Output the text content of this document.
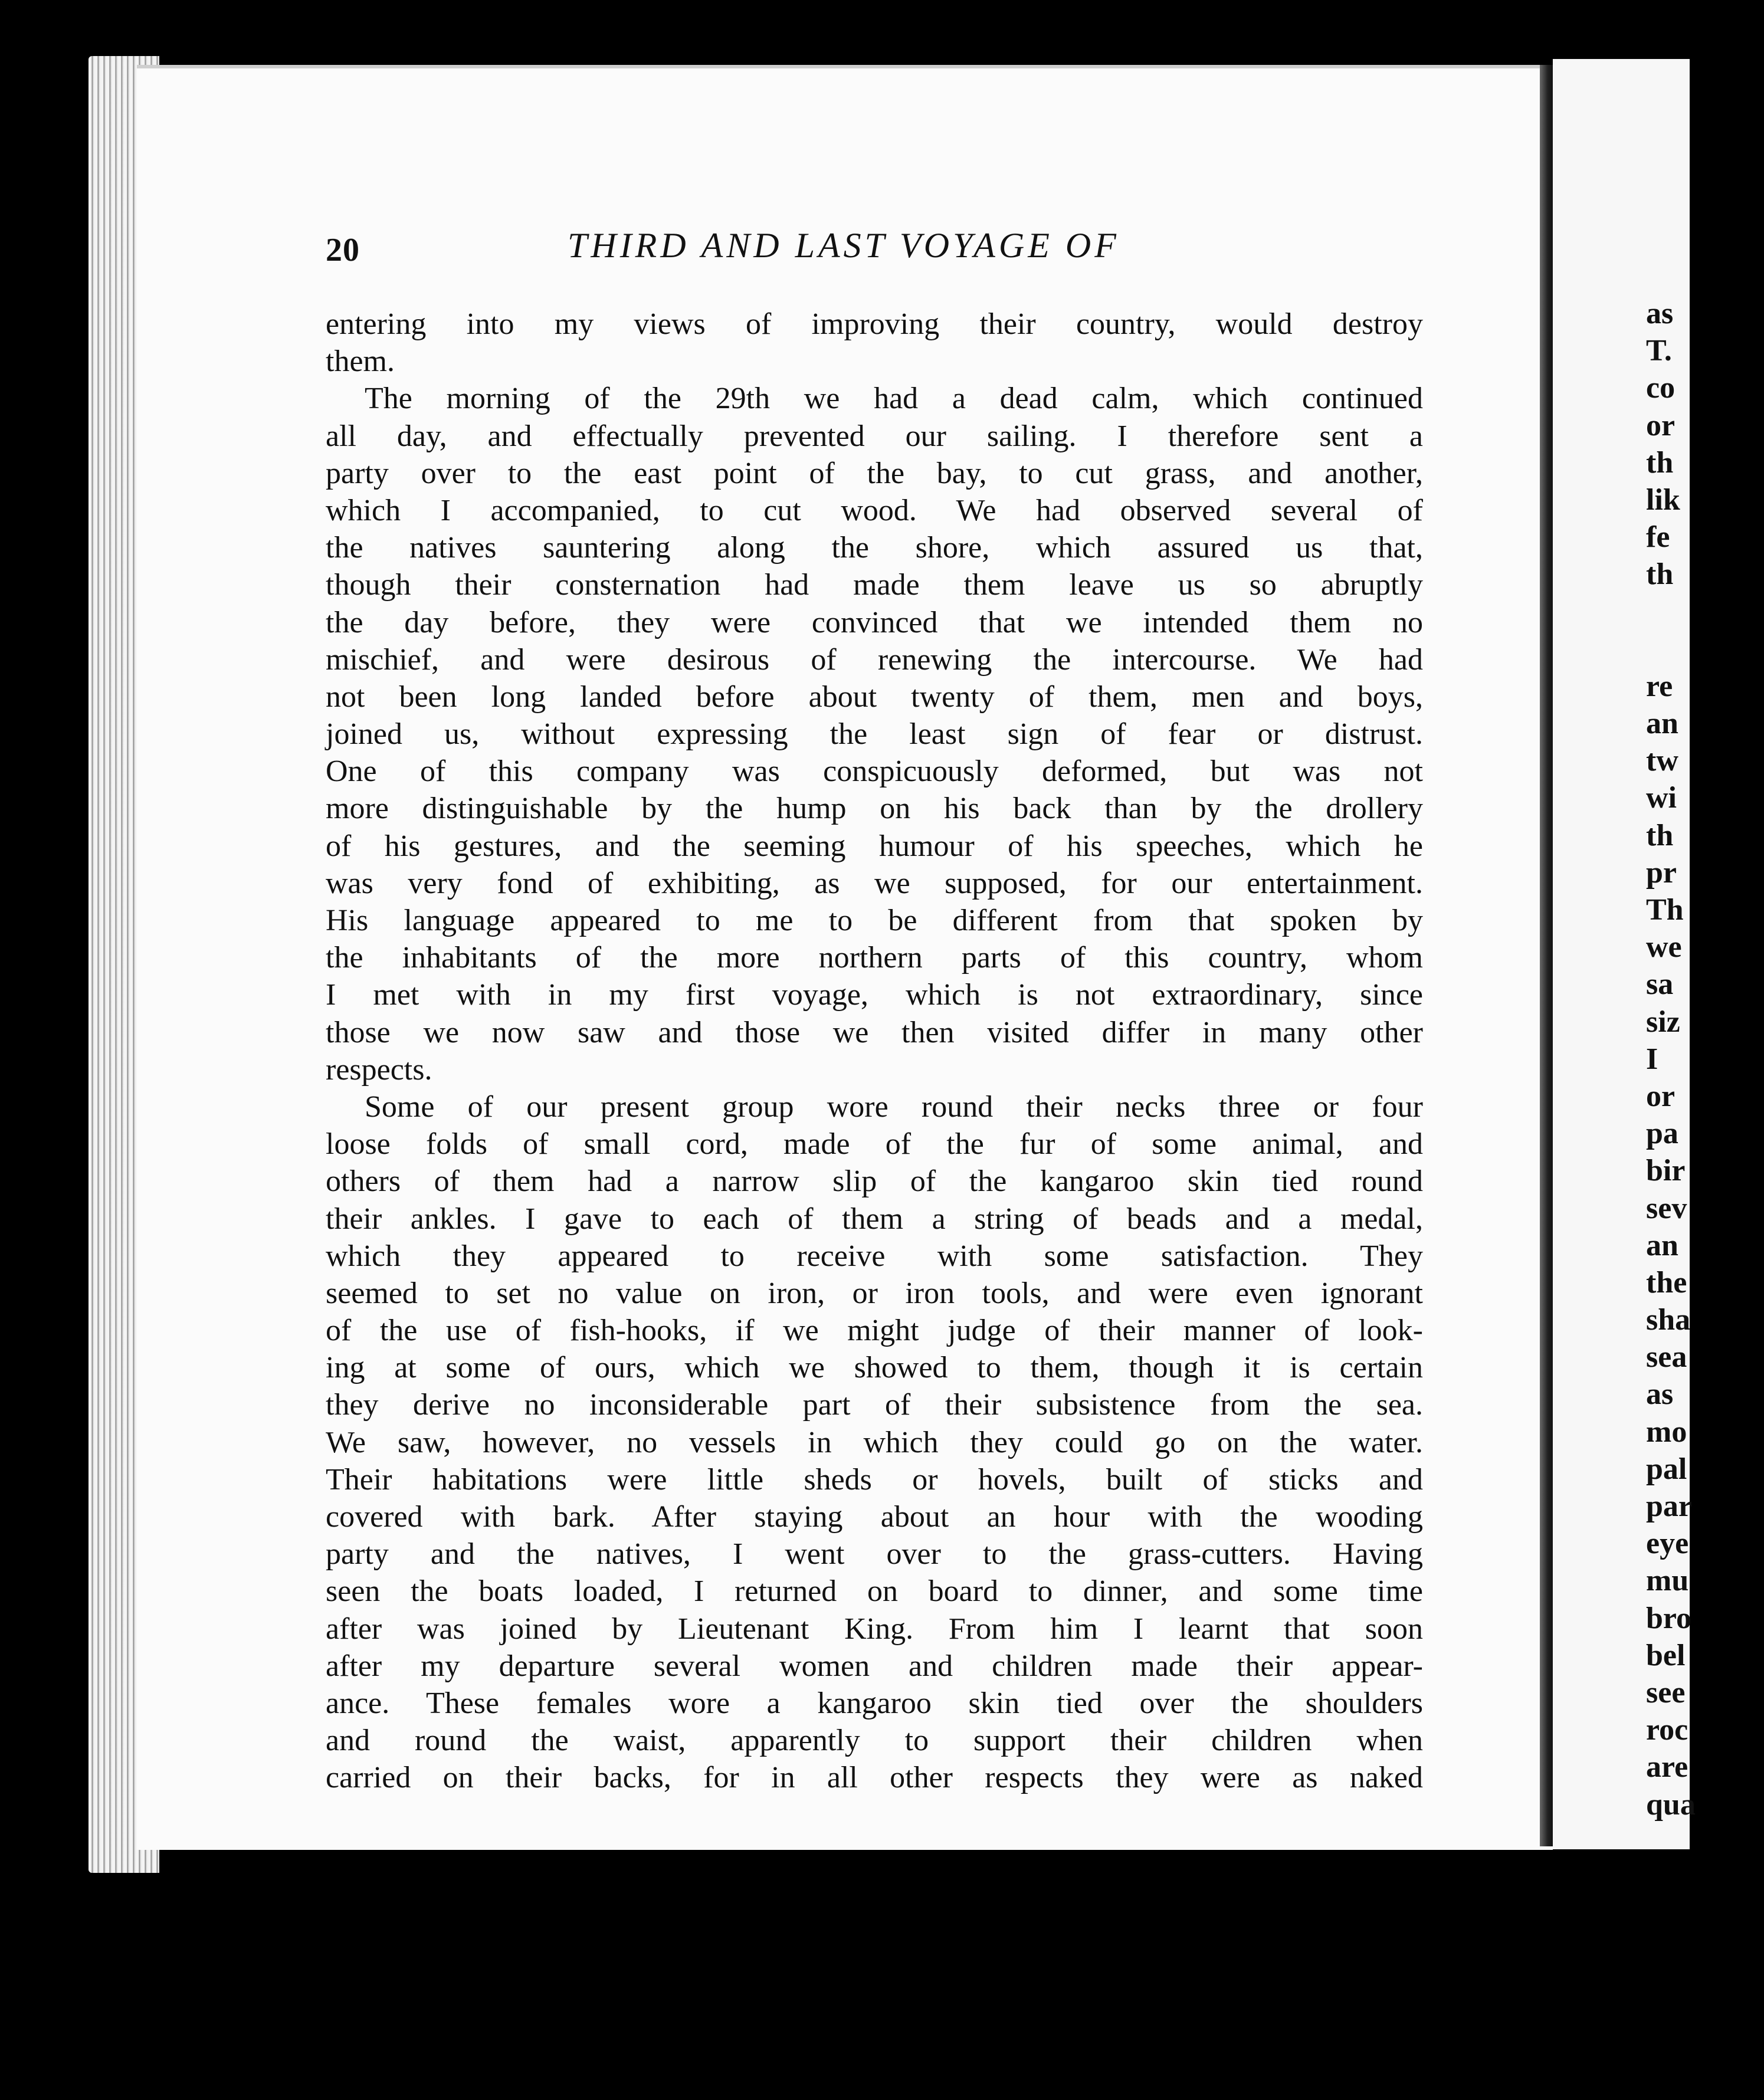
20	THIRD AND LAST VOYAGE OF
entering into my views of improving their country, would destroy
them.
The morning of the 29th we had a dead calm, which continued
all day, and effectually prevented our sailing. I therefore sent a
party over to the east point of the bay, to cut grass, and another,
which I accompanied, to cut wood. We had observed several of
the natives sauntering along the shore, which assured us that,
though their consternation had made them leave us so abruptly
the day before, they were convinced that we intended them no
mischief, and were desirous of renewing the intercourse. We had
not been long landed before about twenty of them, men and boys,
joined us, without expressing the least sign of fear or distrust.
One of this company was conspicuously deformed, but was not
more distinguishable by the hump on his back than by the drollery
of his gestures, and the seeming humour of his speeches, which he
was very fond of exhibiting, as we supposed, for our entertainment.
His language appeared to me to be different from that spoken by
the inhabitants of the more northern parts of this country, whom
I met with in my first voyage, which is not extraordinary, since
those we now saw and those we then visited differ in many other
respects.
Some of our present group wore round their necks three or four
loose folds of small cord, made of the fur of some animal, and
others of them had a narrow slip of the kangaroo skin tied round
their ankles. I gave to each of them a string of beads and a medal,
which they appeared to receive with some satisfaction. They
seemed to set no value on iron, or iron tools, and were even ignorant
of the use of fish-hooks, if we might judge of their manner of look-
ing at some of ours, which we showed to them, though it is certain
they derive no inconsiderable part of their subsistence from the sea.
We saw, however, no vessels in which they could go on the water.
Their habitations were little sheds or hovels, built of sticks and
covered with bark. After staying about an hour with the wooding
party and the natives, I went over to the grass-cutters. Having
seen the boats loaded, I returned on board to dinner, and some time
after was joined by Lieutenant King. From him I learnt that soon
after my departure several women and children made their appear-
ance. These females wore a kangaroo skin tied over the shoulders
and round the waist, apparently to support their children when
carried on their backs, for in all other respects they were as naked
as
T.
co
or
th
lik
fe
th
re
an
tw
wi
th
pr
Th
we
sa
siz
I
or
pa
bir
sev
an
the
sha
sea
as
mo
pal
par
eye
mu
bro
bel
see
roc
are
qua
